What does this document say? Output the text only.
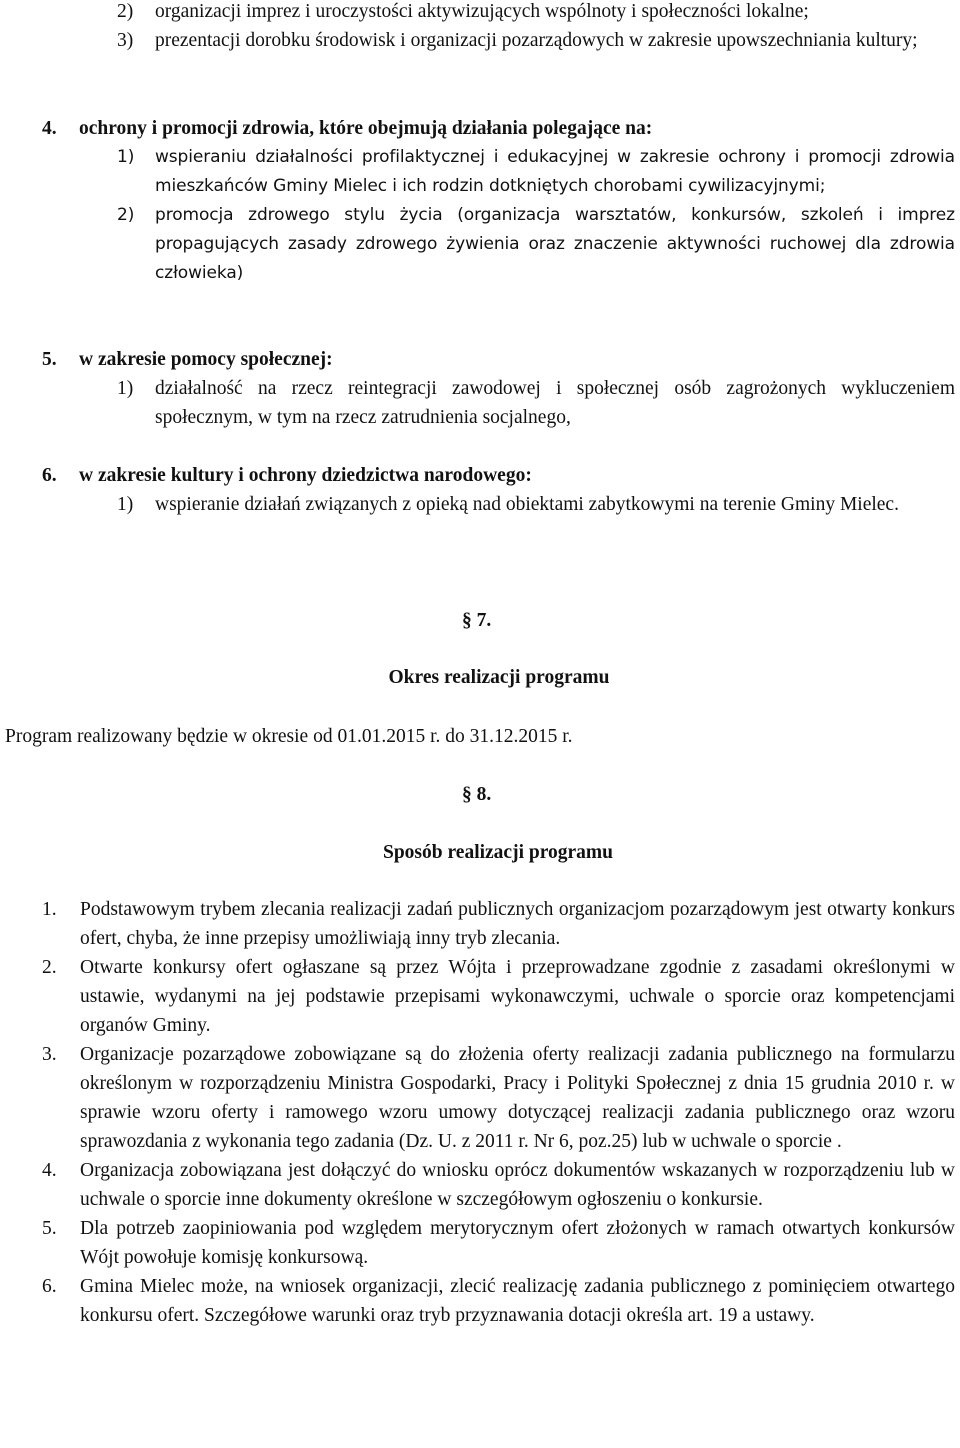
2)	organizacji imprez i uroczystości aktywizujących wspólnoty i społeczności lokalne;
3)	prezentacji dorobku środowisk i organizacji pozarządowych w zakresie upowszechniania kultury;
4.	ochrony i promocji zdrowia, które obejmują działania polegające na:
1)	wspieraniu działalności profilaktycznej i edukacyjnej w zakresie ochrony i promocji zdrowia mieszkańców Gminy Mielec i ich rodzin dotkniętych chorobami cywilizacyjnymi;
2)	promocja zdrowego stylu życia (organizacja warsztatów, konkursów, szkoleń i imprez propagujących zasady zdrowego żywienia oraz znaczenie aktywności ruchowej dla zdrowia człowieka)
5.	w zakresie pomocy społecznej:
1)	działalność na rzecz reintegracji zawodowej i społecznej osób zagrożonych wykluczeniem społecznym, w tym na rzecz zatrudnienia socjalnego,
6.	w zakresie kultury i ochrony dziedzictwa narodowego:
1)	wspieranie działań związanych z opieką nad obiektami zabytkowymi na terenie Gminy Mielec.
§ 7.
Okres realizacji programu
Program realizowany będzie w okresie od 01.01.2015 r. do 31.12.2015 r.
§ 8.
Sposób realizacji programu
1.	Podstawowym trybem zlecania realizacji zadań publicznych organizacjom pozarządowym jest otwarty konkurs ofert, chyba, że inne przepisy umożliwiają inny tryb zlecania.
2.	Otwarte konkursy ofert ogłaszane są przez Wójta i przeprowadzane zgodnie z zasadami określonymi w ustawie, wydanymi na jej podstawie przepisami wykonawczymi, uchwale o sporcie oraz kompetencjami organów Gminy.
3.	Organizacje pozarządowe zobowiązane są do złożenia oferty realizacji zadania publicznego na formularzu określonym w rozporządzeniu Ministra Gospodarki, Pracy i Polityki Społecznej z dnia 15 grudnia 2010 r. w sprawie wzoru oferty i ramowego wzoru umowy dotyczącej realizacji zadania publicznego oraz wzoru sprawozdania z wykonania tego zadania (Dz. U. z 2011 r. Nr 6, poz.25) lub w uchwale o sporcie .
4.	Organizacja zobowiązana jest dołączyć do wniosku oprócz dokumentów wskazanych w rozporządzeniu lub w uchwale o sporcie inne dokumenty określone w szczegółowym ogłoszeniu o konkursie.
5.	Dla potrzeb zaopiniowania pod względem merytorycznym ofert złożonych w ramach otwartych konkursów Wójt powołuje komisję konkursową.
6.	Gmina Mielec może, na wniosek organizacji, zlecić realizację zadania publicznego z pominięciem otwartego konkursu ofert. Szczegółowe warunki oraz tryb przyznawania dotacji określa art. 19 a ustawy.
